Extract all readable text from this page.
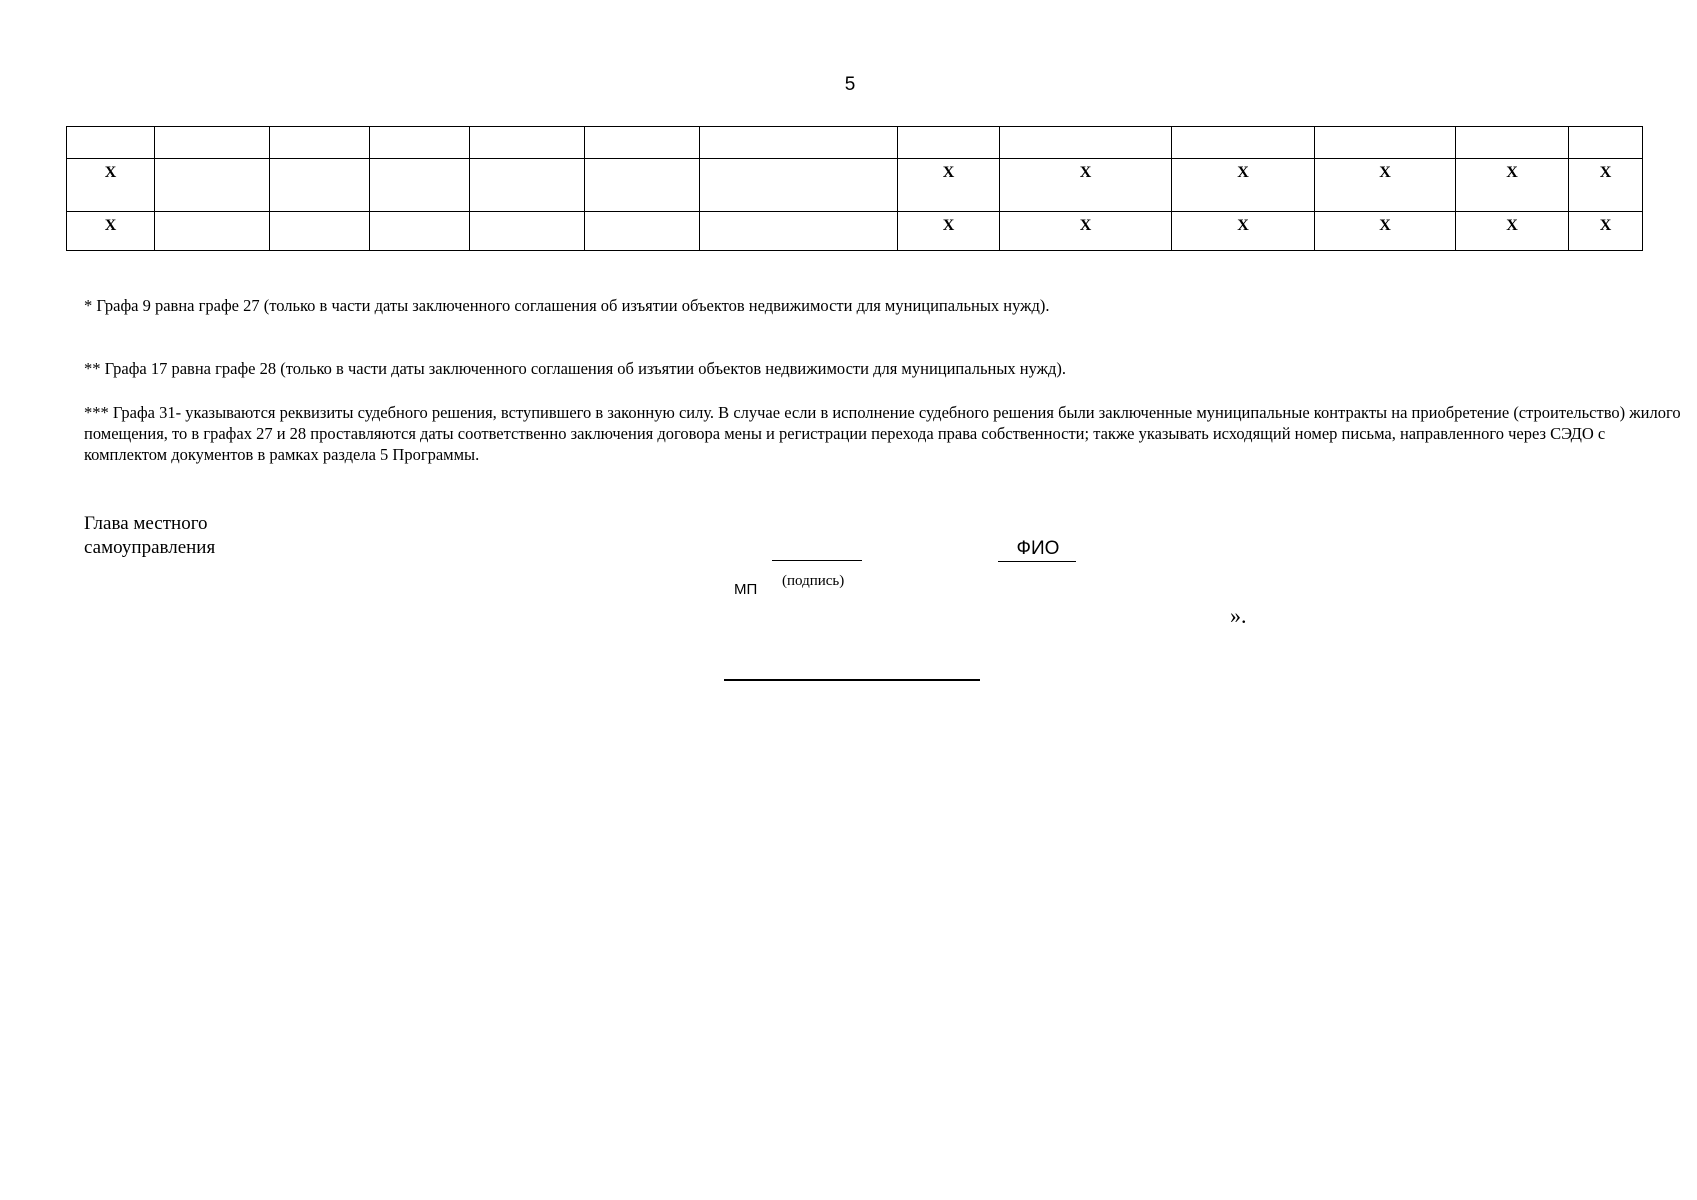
5

X							X	X	X	X	X	X
X							X	X	X	X	X	X
* Графа 9 равна графе 27 (только в части даты заключенного соглашения об изъятии объектов недвижимости для муниципальных нужд).
** Графа 17 равна графе 28 (только в части даты заключенного соглашения об изъятии объектов недвижимости для муниципальных нужд).
*** Графа 31- указываются реквизиты судебного решения, вступившего в законную силу. В случае если в исполнение судебного решения были заключенные муниципальные контракты на приобретение (строительство) жилого помещения, то в графах 27 и 28 проставляются даты соответственно заключения договора мены и регистрации перехода права собственности; также указывать исходящий номер письма, направленного через СЭДО с комплектом документов в рамках раздела 5 Программы.
Глава местного самоуправления	ФИО
МП (подпись)
».
